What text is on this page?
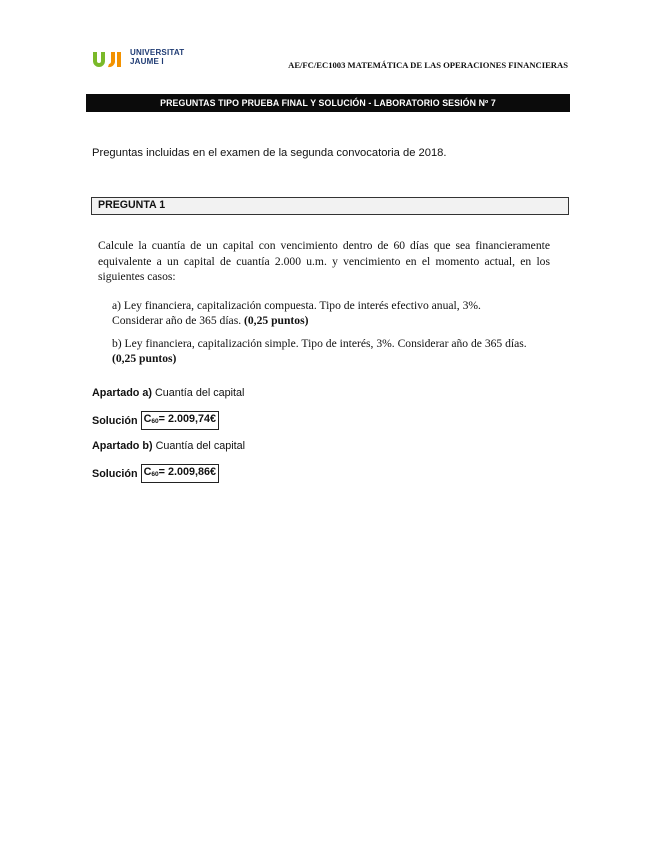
UNIVERSITAT
JAUME I	AE/FC/EC1003 MATEMÁTICA DE LAS OPERACIONES FINANCIERAS
PREGUNTAS TIPO PRUEBA FINAL Y SOLUCIÓN - LABORATORIO SESIÓN Nº 7
Preguntas incluidas en el examen de la segunda convocatoria de 2018.
PREGUNTA 1
Calcule la cuantía de un capital con vencimiento dentro de 60 días que sea financieramente equivalente a un capital de cuantía 2.000 u.m. y vencimiento en el momento actual, en los siguientes casos:
a) Ley financiera, capitalización compuesta. Tipo de interés efectivo anual, 3%. Considerar año de 365 días. (0,25 puntos)
b) Ley financiera, capitalización simple. Tipo de interés, 3%. Considerar año de 365 días. (0,25 puntos)
Apartado a) Cuantía del capital
Solución $C_{60}=$ 2.009,74€
Apartado b) Cuantía del capital
Solución $C_{60}=$ 2.009,86€
